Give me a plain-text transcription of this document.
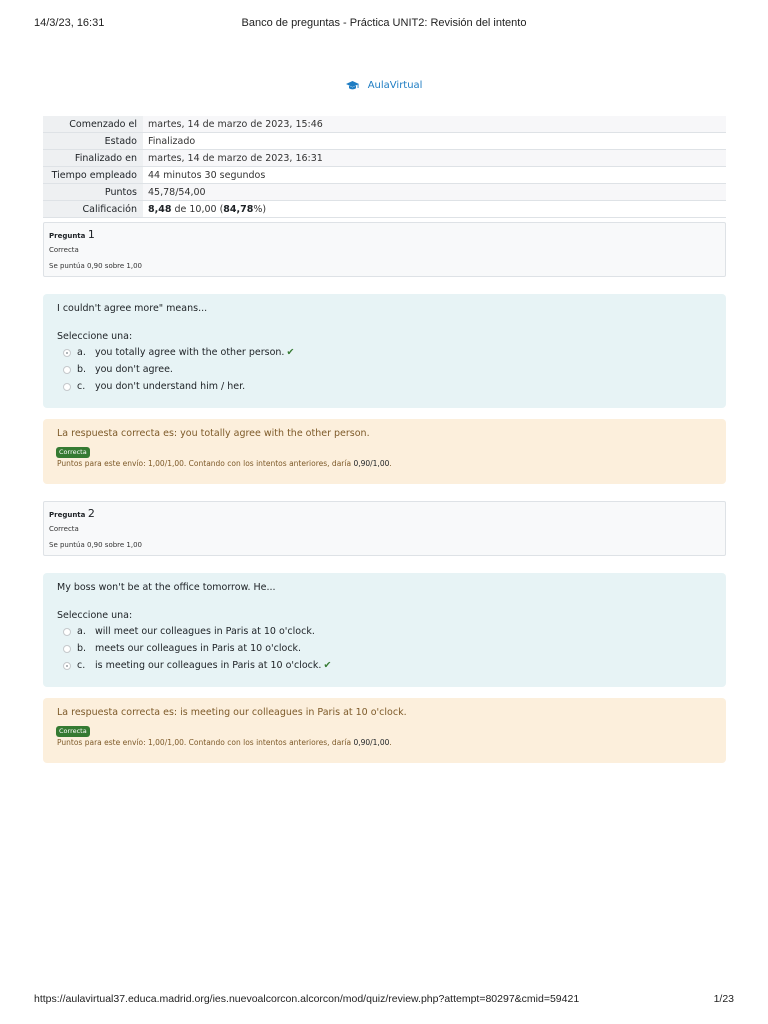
14/3/23, 16:31	Banco de preguntas - Práctica UNIT2: Revisión del intento
AulaVirtual
Comenzado el	martes, 14 de marzo de 2023, 15:46
Estado	Finalizado
Finalizado en	martes, 14 de marzo de 2023, 16:31
Tiempo empleado	44 minutos 30 segundos
Puntos	45,78/54,00
Calificación	8,48 de 10,00 (84,78%)
Pregunta 1
Correcta
Se puntúa 0,90 sobre 1,00
I couldn't agree more" means...
Seleccione una:
a. you totally agree with the other person. ✔
b. you don't agree.
c. you don't understand him / her.
La respuesta correcta es: you totally agree with the other person.
Correcta
Puntos para este envío: 1,00/1,00. Contando con los intentos anteriores, daría 0,90/1,00.
Pregunta 2
Correcta
Se puntúa 0,90 sobre 1,00
My boss won't be at the office tomorrow. He...
Seleccione una:
a. will meet our colleagues in Paris at 10 o'clock.
b. meets our colleagues in Paris at 10 o'clock.
c. is meeting our colleagues in Paris at 10 o'clock. ✔
La respuesta correcta es: is meeting our colleagues in Paris at 10 o'clock.
Correcta
Puntos para este envío: 1,00/1,00. Contando con los intentos anteriores, daría 0,90/1,00.
https://aulavirtual37.educa.madrid.org/ies.nuevoalcorcon.alcorcon/mod/quiz/review.php?attempt=80297&cmid=59421	1/23
